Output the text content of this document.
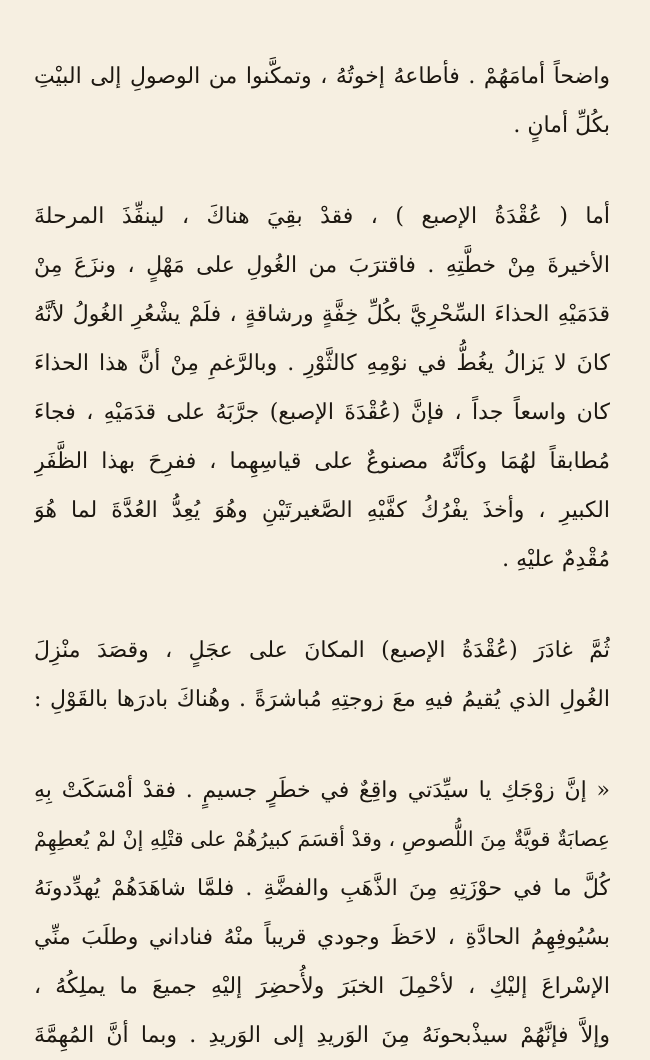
واضحاً أمامَهُمْ . فأطاعهُ إخوتُهُ ، وتمكَّنوا من الوصولِ إلى البيْتِ
بكُلِّ أمانٍ .
أما ( عُقْدَةُ الإصبع ) ، فقدْ بقِيَ هناكَ ، لينفِّذَ المرحلةَ
الأخيرةَ مِنْ خطَّتِهِ . فاقترَبَ من الغُولِ على مَهْلٍ ، ونزَعَ مِنْ
قدَمَيْهِ الحذاءَ السِّحْرِيَّ بكُلِّ خِفَّةٍ ورشاقةٍ ، فلَمْ يشْعُرِ الغُولُ لأنَّهُ
كانَ لا يَزالُ يغُطُّ في نوْمِهِ كالثَّوْرِ . وبالرَّغمِ مِنْ أنَّ هذا الحذاءَ
كان واسعاً جداً ، فإنَّ (عُقْدَةَ الإصبع) جرَّبَهُ على قدَمَيْهِ ، فجاءَ
مُطابقاً لهُمَا وكأنَّهُ مصنوعٌ على قياسِهِما ، ففرِحَ بهذا الظَّفَرِ
الكبيرِ ، وأخذَ يفْرُكُ كفَّيْهِ الصَّغيرتَيْنِ وهُوَ يُعِدُّ العُدَّةَ لما هُوَ
مُقْدِمٌ عليْهِ .
ثُمَّ غادَرَ (عُقْدَةُ الإصبع) المكانَ على عجَلٍ ، وقصَدَ منْزِلَ
الغُولِ الذي يُقيمُ فيهِ معَ زوجتِهِ مُباشرَةً . وهُناكَ بادرَها بالقَوْلِ :
« إنَّ زوْجَكِ يا سيِّدَتي واقِعٌ في خطَرٍ جسيمٍ . فقدْ أمْسَكَتْ بِهِ
عِصابَةٌ قويَّةٌ مِنَ اللُّصوصِ ، وقدْ أقسَمَ كبيرُهُمْ على قتْلِهِ إنْ لمْ يُعطِهِمْ
كُلَّ ما في حوْزَتِهِ مِنَ الذَّهَبِ والفضَّةِ . فلمَّا شاهَدَهُمْ يُهدِّدونَهُ
بسُيُوفِهِمُ الحادَّةِ ، لاحَظَ وجودي قريباً منْهُ فناداني وطلَبَ منِّي
الإسْراعَ إليْكِ ، لأحْمِلَ الخبَرَ ولأُحضِرَ إليْهِ جميعَ ما يملِكُهُ ،
وإلاَّ فإنَّهُمْ سيذْبحونَهُ مِنَ الوَريدِ إلى الوَريدِ . وبما أنَّ المُهِمَّةَ
